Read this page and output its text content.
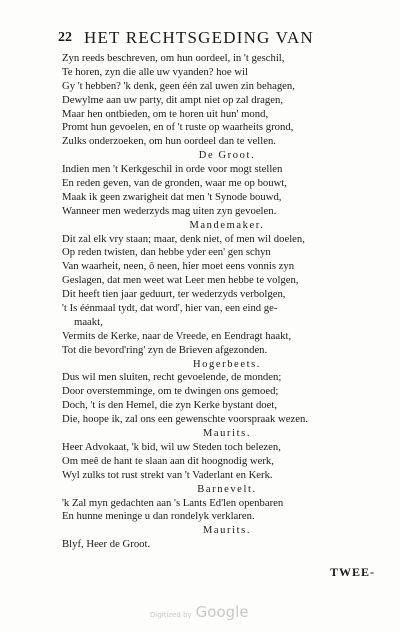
22 HET RECHTSGEDING VAN
Zyn reeds beschreven, om hun oordeel, in 't geschil,
Te horen, zyn die alle uw vyanden? hoe wil
Gy 't hebben? 'k denk, geen één zal uwen zin behagen,
Dewylme aan uw party, dit ampt niet op zal dragen,
Maar hen ontbieden, om te horen uit hun' mond,
Promt hun gevoelen, en of 't ruste op waarheits grond,
Zulks onderzoeken, om hun oordeel dan te vellen.
De Groot.
Indien men 't Kerkgeschil in orde voor mogt stellen
En reden geven, van de gronden, waar me op bouwt,
Maak ik geen zwarigheit dat men 't Synode bouwd,
Wanneer men wederzyds mag uiten zyn gevoelen.
Mandemaker.
Dit zal elk vry staan; maar, denk niet, of men wil doelen,
Op reden twisten, dan hebbe yder een' gen schyn
Van waarheit, neen, ô neen, hier moet eens vonnis zyn
Geslagen, dat men weet wat Leer men hebbe te volgen,
Dit heeft tien jaar geduurt, ter wederzyds verbolgen,
't Is éénmaal tydt, dat word', hier van, een eind ge-
maakt,
Vermits de Kerke, naar de Vreede, en Eendragt haakt,
Tot die bevord'ring' zyn de Brieven afgezonden.
Hogerbeets.
Dus wil men sluiten, recht gevoelende, de monden;
Door overstemminge, om te dwingen ons gemoed;
Doch, 't is den Hemel, die zyn Kerke bystant doet,
Die, hoope ik, zal ons een gewenschte voorspraak wezen.
Maurits.
Heer Advokaat, 'k bid, wil uw Steden toch belezen,
Om meê de hant te slaan aan dit hoognodig werk,
Wyl zulks tot rust strekt van 't Vaderlant en Kerk.
Barnevelt.
'k Zal myn gedachten aan 's Lants Ed'len openbaren
En hunne meninge u dan rondelyk verklaren.
Maurits.
Blyf, Heer de Groot.
TWEE-
Digitized by Google
